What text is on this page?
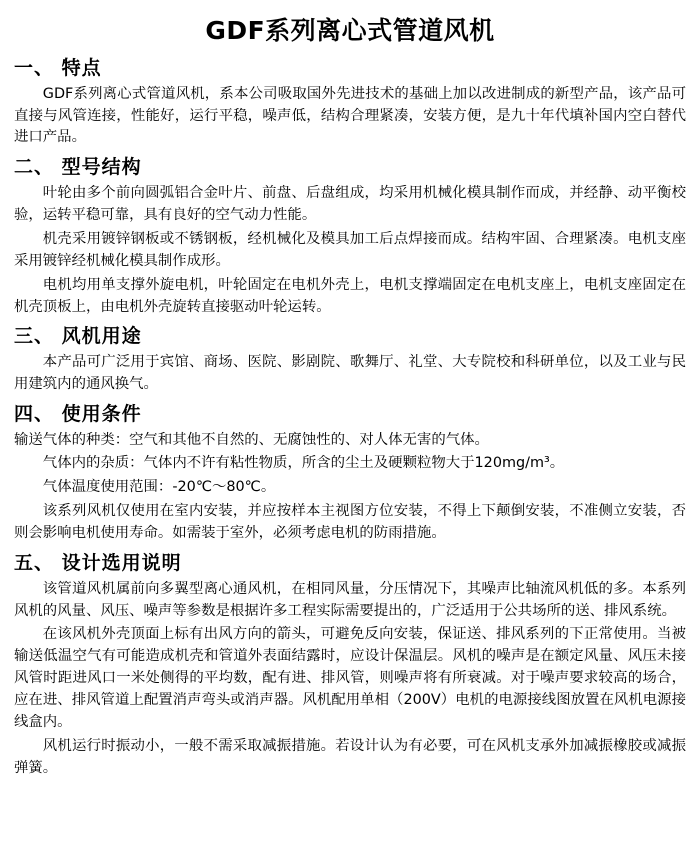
GDF系列离心式管道风机
一、 特点

GDF系列离心式管道风机，系本公司吸取国外先进技术的基础上加以改进制成的新型产品，该产品可直接与风管连接，性能好，运行平稳，噪声低，结构合理紧凑，安装方便，是九十年代填补国内空白替代进口产品。

二、 型号结构

叶轮由多个前向圆弧铝合金叶片、前盘、后盘组成，均采用机械化模具制作而成，并经静、动平衡校验，运转平稳可靠，具有良好的空气动力性能。

机壳采用镀锌钢板或不锈钢板，经机械化及模具加工后点焊接而成。结构牢固、合理紧凑。电机支座采用镀锌经机械化模具制作成形。

电机均用单支撑外旋电机，叶轮固定在电机外壳上，电机支撑端固定在电机支座上，电机支座固定在机壳顶板上，由电机外壳旋转直接驱动叶轮运转。

三、 风机用途

本产品可广泛用于宾馆、商场、医院、影剧院、歌舞厅、礼堂、大专院校和科研单位，以及工业与民用建筑内的通风换气。

四、 使用条件

输送气体的种类：空气和其他不自然的、无腐蚀性的、对人体无害的气体。

气体内的杂质：气体内不许有粘性物质，所含的尘土及硬颗粒物大于120mg/m³。

气体温度使用范围：-20℃～80℃。

该系列风机仅使用在室内安装，并应按样本主视图方位安装，不得上下颠倒安装，不准侧立安装，否则会影响电机使用寿命。如需装于室外，必须考虑电机的防雨措施。

五、 设计选用说明

该管道风机属前向多翼型离心通风机，在相同风量，分压情况下，其噪声比轴流风机低的多。本系列风机的风量、风压、噪声等参数是根据许多工程实际需要提出的，广泛适用于公共场所的送、排风系统。

在该风机外壳顶面上标有出风方向的箭头，可避免反向安装，保证送、排风系列的下正常使用。当被输送低温空气有可能造成机壳和管道外表面结露时，应设计保温层。风机的噪声是在额定风量、风压未接风管时距进风口一米处侧得的平均数，配有进、排风管，则噪声将有所衰减。对于噪声要求较高的场合，应在进、排风管道上配置消声弯头或消声器。风机配用单相（200V）电机的电源接线图放置在风机电源接线盒内。

风机运行时振动小，一般不需采取减振措施。若设计认为有必要，可在风机支承外加减振橡胶或减振弹簧。
